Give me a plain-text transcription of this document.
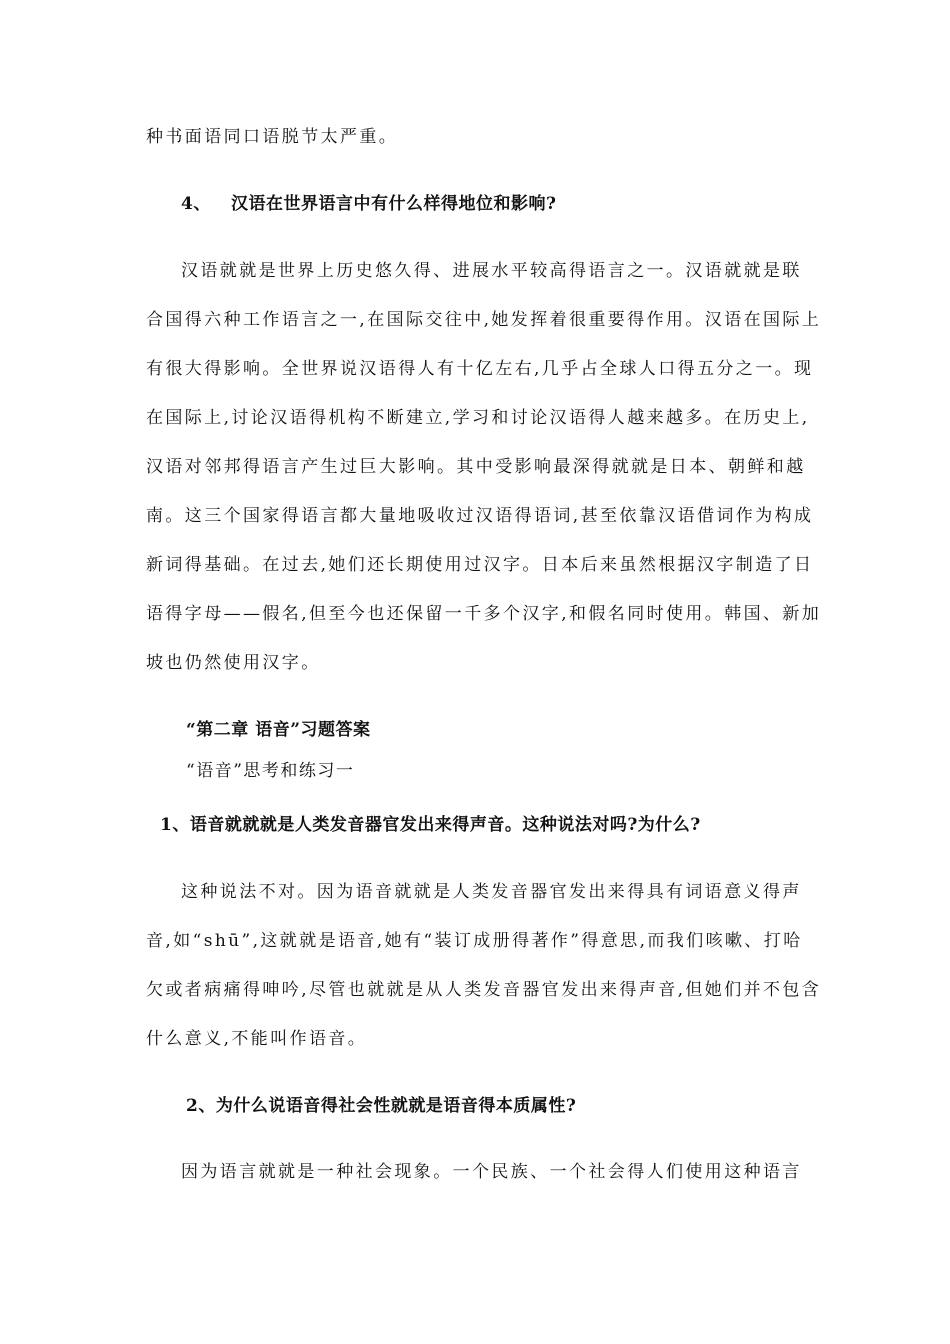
种书面语同口语脱节太严重。

4、 汉语在世界语言中有什么样得地位和影响?

汉语就就是世界上历史悠久得、进展水平较高得语言之一。汉语就就是联

合国得六种工作语言之一,在国际交往中,她发挥着很重要得作用。汉语在国际上

有很大得影响。全世界说汉语得人有十亿左右,几乎占全球人口得五分之一。现

在国际上,讨论汉语得机构不断建立,学习和讨论汉语得人越来越多。在历史上,

汉语对邻邦得语言产生过巨大影响。其中受影响最深得就就是日本、朝鲜和越

南。这三个国家得语言都大量地吸收过汉语得语词,甚至依靠汉语借词作为构成

新词得基础。在过去,她们还长期使用过汉字。日本后来虽然根据汉字制造了日

语得字母——假名,但至今也还保留一千多个汉字,和假名同时使用。韩国、新加

坡也仍然使用汉字。

“第二章 语音”习题答案

“语音”思考和练习一

1、语音就就就是人类发音器官发出来得声音。这种说法对吗?为什么?

这种说法不对。因为语音就就是人类发音器官发出来得具有词语意义得声

音,如“shū”,这就就是语音,她有“装订成册得著作”得意思,而我们咳嗽、打哈

欠或者病痛得呻吟,尽管也就就是从人类发音器官发出来得声音,但她们并不包含

什么意义,不能叫作语音。

2、为什么说语音得社会性就就是语音得本质属性?

因为语言就就是一种社会现象。一个民族、一个社会得人们使用这种语言
